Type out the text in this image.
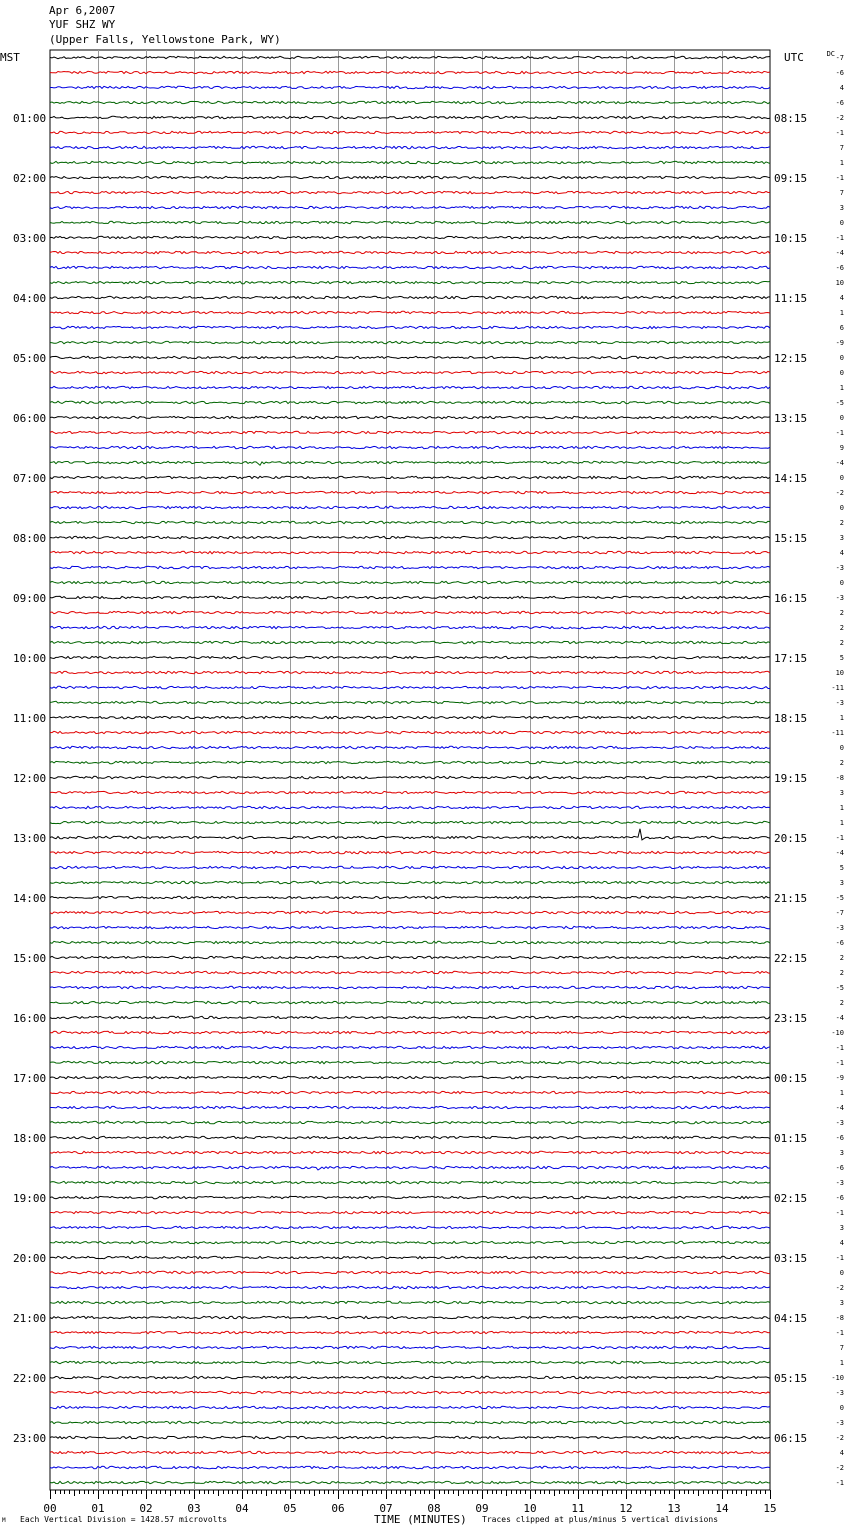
Apr 6,2007
YUF SHZ WY
(Upper Falls, Yellowstone Park, WY)
MST	UTC	DC
01:00
02:00
03:00
04:00
05:00
06:00
07:00
08:00
09:00
10:00
11:00
12:00
13:00
14:00
15:00
16:00
17:00
18:00
19:00
20:00
21:00
22:00
23:00
08:15
09:15
10:15
11:15
12:15
13:15
14:15
15:15
16:15
17:15
18:15
19:15
20:15
21:15
22:15
23:15
00:15
01:15
02:15
03:15
04:15
05:15
06:15
-7
-6
4
-6
-2
-1
7
1
-1
7
3
0
-1
-4
-6
10
4
1
6
-9
0
0
1
-5
0
-1
9
-4
0
-2
0
2
3
4
-3
0
-3
2
2
2
5
10
-11
-3
1
-11
0
2
-8
3
1
1
-1
-4
5
3
-5
-7
-3
-6
2
2
-5
2
-4
-10
-1
-1
-9
1
-4
-3
-6
3
-6
-3
-6
-1
3
4
-1
0
-2
3
-8
-1
7
1
-10
-3
0
-3
-2
4
-2
-1
00	01	02	03	04	05	06	07	08	09	10	11	12	13	14	15
TIME (MINUTES)
M Each Vertical Division = 1428.57 microvolts	Traces clipped at plus/minus 5 vertical divisions
